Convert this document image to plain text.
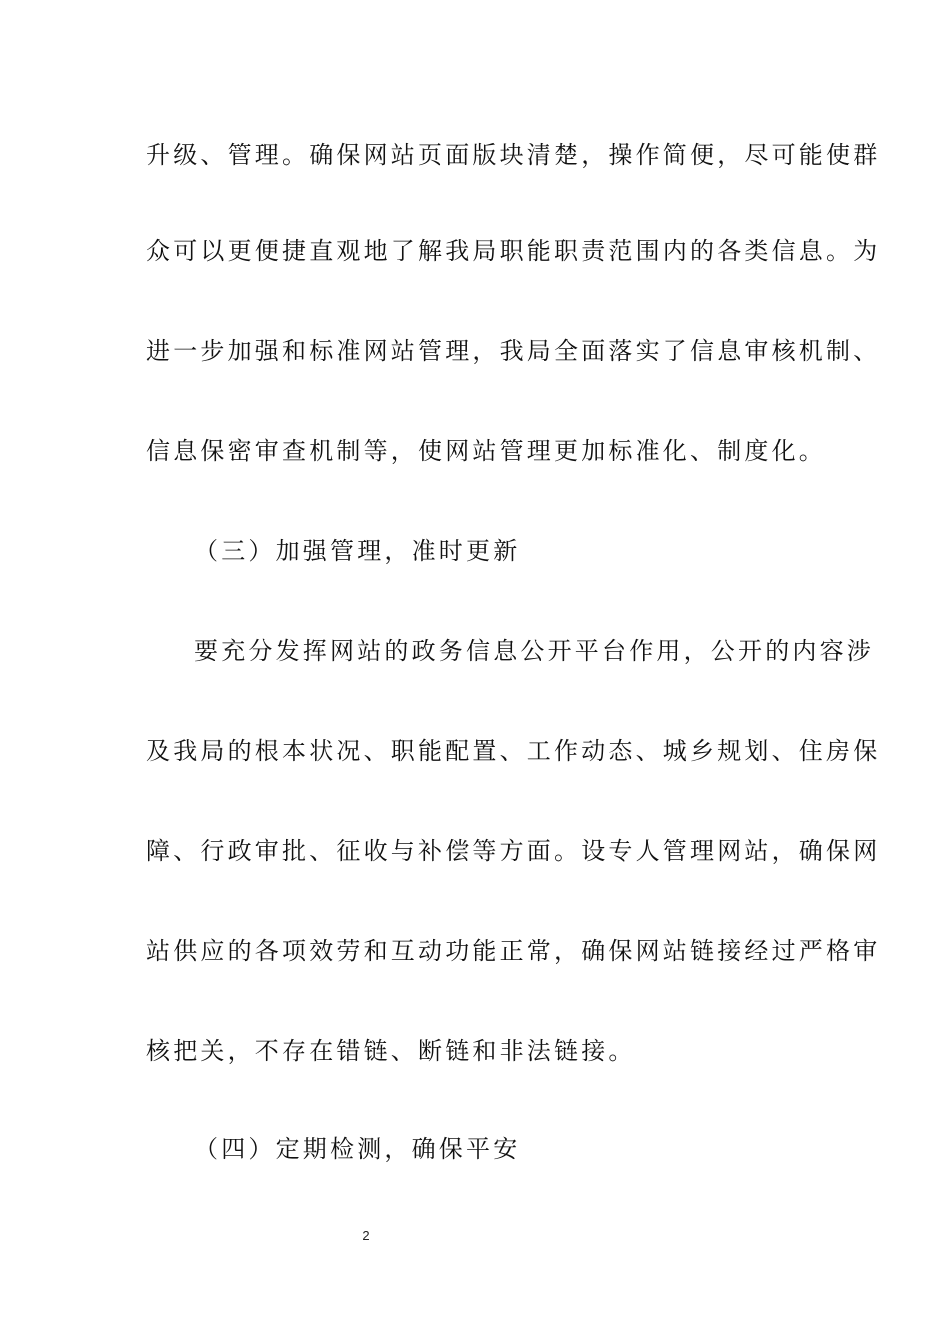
升级、管理。确保网站页面版块清楚，操作简便，尽可能使群
众可以更便捷直观地了解我局职能职责范围内的各类信息。为
进一步加强和标准网站管理，我局全面落实了信息审核机制、
信息保密审查机制等，使网站管理更加标准化、制度化。
（三）加强管理，准时更新
要充分发挥网站的政务信息公开平台作用，公开的内容涉
及我局的根本状况、职能配置、工作动态、城乡规划、住房保
障、行政审批、征收与补偿等方面。设专人管理网站，确保网
站供应的各项效劳和互动功能正常，确保网站链接经过严格审
核把关，不存在错链、断链和非法链接。
（四）定期检测，确保平安
2
